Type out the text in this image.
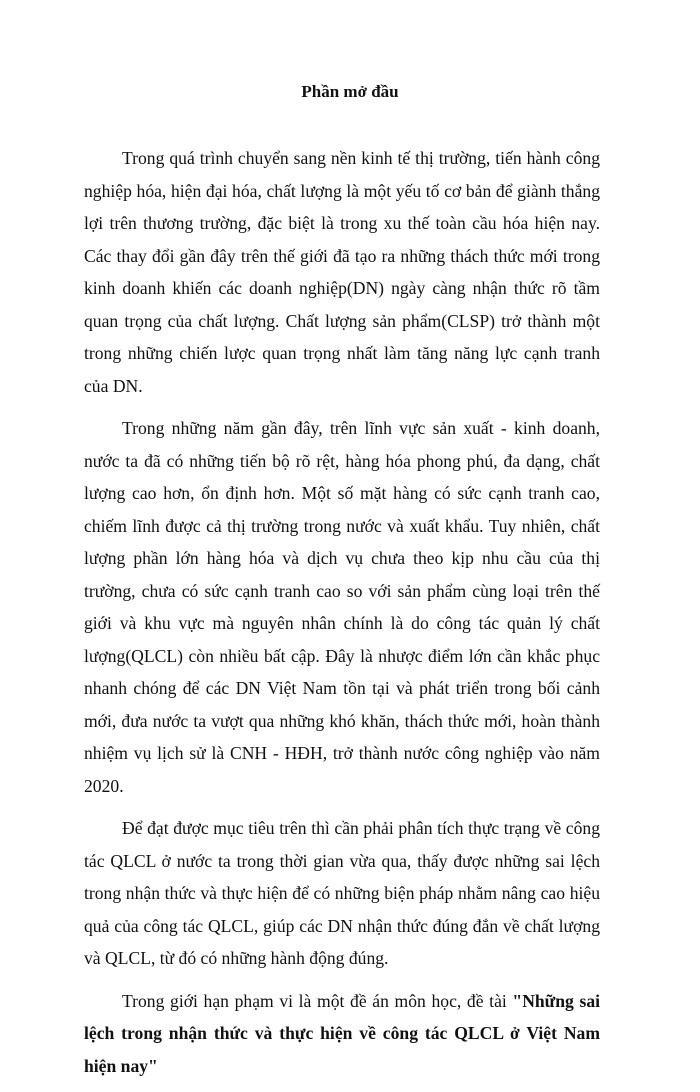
Phần mở đầu

Trong quá trình chuyển sang nền kinh tế thị trường, tiến hành công nghiệp hóa, hiện đại hóa, chất lượng là một yếu tố cơ bản để giành thắng lợi trên thương trường, đặc biệt là trong xu thế toàn cầu hóa hiện nay. Các thay đổi gần đây trên thế giới đã tạo ra những thách thức mới trong kinh doanh khiến các doanh nghiệp(DN) ngày càng nhận thức rõ tầm quan trọng của chất lượng. Chất lượng sản phẩm(CLSP) trở thành một trong những chiến lược quan trọng nhất làm tăng năng lực cạnh tranh của DN.

Trong những năm gần đây, trên lĩnh vực sản xuất - kinh doanh, nước ta đã có những tiến bộ rõ rệt, hàng hóa phong phú, đa dạng, chất lượng cao hơn, ổn định hơn. Một số mặt hàng có sức cạnh tranh cao, chiếm lĩnh được cả thị trường trong nước và xuất khẩu. Tuy nhiên, chất lượng phần lớn hàng hóa và dịch vụ chưa theo kịp nhu cầu của thị trường, chưa có sức cạnh tranh cao so với sản phẩm cùng loại trên thế giới và khu vực mà nguyên nhân chính là do công tác quản lý chất lượng(QLCL) còn nhiều bất cập. Đây là nhược điểm lớn cần khắc phục nhanh chóng để các DN Việt Nam tồn tại và phát triển trong bối cảnh mới, đưa nước ta vượt qua những khó khăn, thách thức mới, hoàn thành nhiệm vụ lịch sử là CNH - HĐH, trở thành nước công nghiệp vào năm 2020.

Để đạt được mục tiêu trên thì cần phải phân tích thực trạng về công tác QLCL ở nước ta trong thời gian vừa qua, thấy được những sai lệch trong nhận thức và thực hiện để có những biện pháp nhằm nâng cao hiệu quả của công tác QLCL, giúp các DN nhận thức đúng đắn về chất lượng và QLCL, từ đó có những hành động đúng.

Trong giới hạn phạm vi là một đề án môn học, đề tài "Những sai lệch trong nhận thức và thực hiện về công tác QLCL ở Việt Nam hiện nay"
